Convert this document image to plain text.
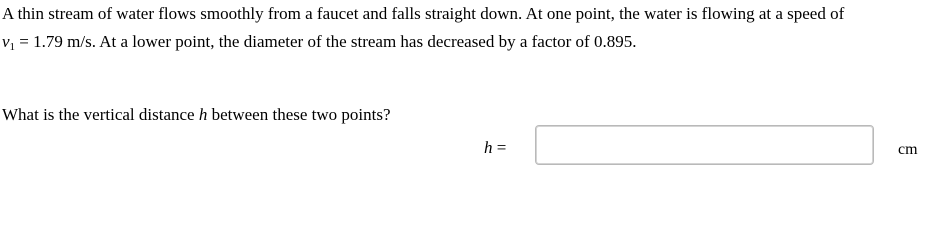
A thin stream of water flows smoothly from a faucet and falls straight down. At one point, the water is flowing at a speed of
$v_1 = 1.79$ m/s. At a lower point, the diameter of the stream has decreased by a factor of 0.895.
What is the vertical distance h between these two points?
h =	cm
